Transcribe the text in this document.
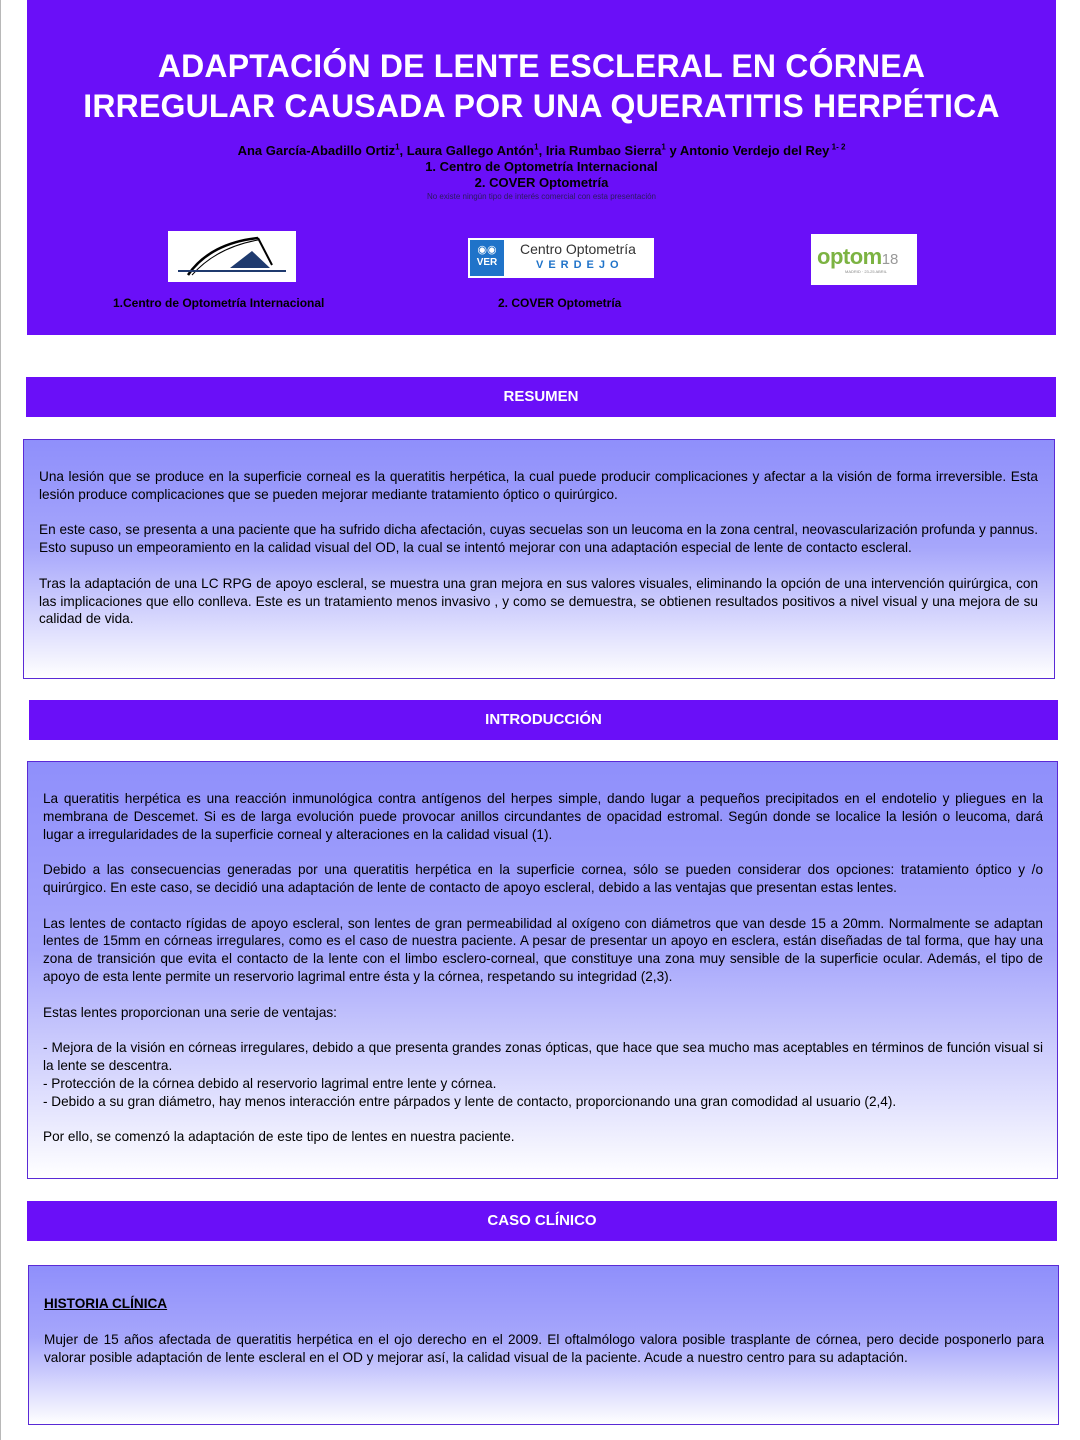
ADAPTACIÓN DE LENTE ESCLERAL EN CÓRNEA
IRREGULAR CAUSADA POR UNA QUERATITIS HERPÉTICA
Ana García-Abadillo Ortiz$^1$, Laura Gallego Antón$^1$, Iria Rumbao Sierra$^1$ y Antonio Verdejo del Rey $^{1- 2}$
1. Centro de Optometría Internacional
2. COVER Optometría
No existe ningún tipo de interés comercial con esta presentación
◉◉
VER
Centro Optometría
VERDEJO	optom18
MADRID · 23-25 ABRIL
1.Centro de Optometría Internacional	2. COVER Optometría
RESUMEN

Una lesión que se produce en la superficie corneal es la queratitis herpética, la cual puede producir complicaciones y afectar a la visión de forma irreversible. Esta lesión produce complicaciones que se pueden mejorar mediante tratamiento óptico o quirúrgico.

En este caso, se presenta a una paciente que ha sufrido dicha afectación, cuyas secuelas son un leucoma en la zona central, neovascularización profunda y pannus. Esto supuso un empeoramiento en la calidad visual del OD, la cual se intentó mejorar con una adaptación especial de lente de contacto escleral.

Tras la adaptación de una LC RPG de apoyo escleral, se muestra una gran mejora en sus valores visuales, eliminando la opción de una intervención quirúrgica, con las implicaciones que ello conlleva. Este es un tratamiento menos invasivo , y como se demuestra, se obtienen resultados positivos a nivel visual y una mejora de su calidad de vida.

INTRODUCCIÓN

La queratitis herpética es una reacción inmunológica contra antígenos del herpes simple, dando lugar a pequeños precipitados en el endotelio y pliegues en la membrana de Descemet. Si es de larga evolución puede provocar anillos circundantes de opacidad estromal. Según donde se localice la lesión o leucoma, dará lugar a irregularidades de la superficie corneal y alteraciones en la calidad visual (1).

Debido a las consecuencias generadas por una queratitis herpética en la superficie cornea, sólo se pueden considerar dos opciones: tratamiento óptico y /o quirúrgico. En este caso, se decidió una adaptación de lente de contacto de apoyo escleral, debido a las ventajas que presentan estas lentes.

Las lentes de contacto rígidas de apoyo escleral, son lentes de gran permeabilidad al oxígeno con diámetros que van desde 15 a 20mm. Normalmente se adaptan lentes de 15mm en córneas irregulares, como es el caso de nuestra paciente. A pesar de presentar un apoyo en esclera, están diseñadas de tal forma, que hay una zona de transición que evita el contacto de la lente con el limbo esclero-corneal, que constituye una zona muy sensible de la superficie ocular. Además, el tipo de apoyo de esta lente permite un reservorio lagrimal entre ésta y la córnea, respetando su integridad (2,3).

Estas lentes proporcionan una serie de ventajas:

- Mejora de la visión en córneas irregulares, debido a que presenta grandes zonas ópticas, que hace que sea mucho mas aceptables en términos de función visual si la lente se descentra.
- Protección de la córnea debido al reservorio lagrimal entre lente y córnea.
- Debido a su gran diámetro, hay menos interacción entre párpados y lente de contacto, proporcionando una gran comodidad al usuario (2,4).

Por ello, se comenzó la adaptación de este tipo de lentes en nuestra paciente.

CASO CLÍNICO

HISTORIA CLÍNICA

Mujer de 15 años afectada de queratitis herpética en el ojo derecho en el 2009. El oftalmólogo valora posible trasplante de córnea, pero decide posponerlo para valorar posible adaptación de lente escleral en el OD y mejorar así, la calidad visual de la paciente. Acude a nuestro centro para su adaptación.
